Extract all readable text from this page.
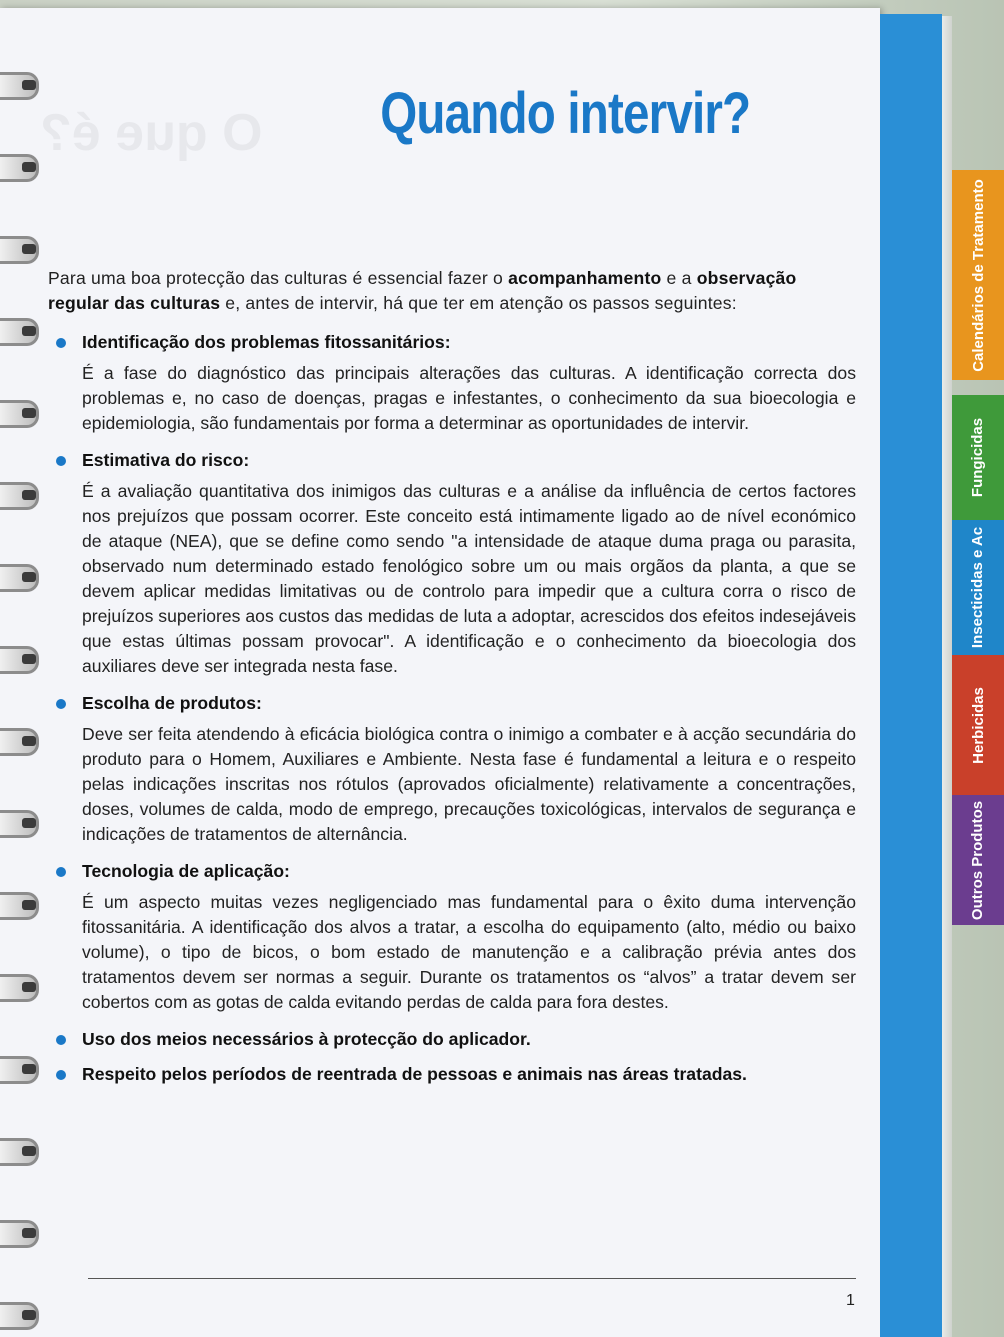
O que é? Quando intervir?

Para uma boa protecção das culturas é essencial fazer o acompanhamento e a observação regular das culturas e, antes de intervir, há que ter em atenção os passos seguintes:

Identificação dos problemas fitossanitários:

É a fase do diagnóstico das principais alterações das culturas. A identificação correcta dos problemas e, no caso de doenças, pragas e infestantes, o conhecimento da sua bioecologia e epidemiologia, são fundamentais por forma a determinar as oportunidades de intervir.

Estimativa do risco:

É a avaliação quantitativa dos inimigos das culturas e a análise da influência de certos factores nos prejuízos que possam ocorrer. Este conceito está intimamente ligado ao de nível económico de ataque (NEA), que se define como sendo "a intensidade de ataque duma praga ou parasita, observado num determinado estado fenológico sobre um ou mais orgãos da planta, a que se devem aplicar medidas limitativas ou de controlo para impedir que a cultura corra o risco de prejuízos superiores aos custos das medidas de luta a adoptar, acrescidos dos efeitos indesejáveis que estas últimas possam provocar". A identificação e o conhecimento da bioecologia dos auxiliares deve ser integrada nesta fase.

Escolha de produtos:

Deve ser feita atendendo à eficácia biológica contra o inimigo a combater e à acção secundária do produto para o Homem, Auxiliares e Ambiente. Nesta fase é fundamental a leitura e o respeito pelas indicações inscritas nos rótulos (aprovados oficialmente) relativamente a concentrações, doses, volumes de calda, modo de emprego, precauções toxicológicas, intervalos de segurança e indicações de tratamentos de alternância.

Tecnologia de aplicação:

É um aspecto muitas vezes negligenciado mas fundamental para o êxito duma intervenção fitossanitária. A identificação dos alvos a tratar, a escolha do equipamento (alto, médio ou baixo volume), o tipo de bicos, o bom estado de manutenção e a calibração prévia antes dos tratamentos devem ser normas a seguir. Durante os tratamentos os “alvos” a tratar devem ser cobertos com as gotas de calda evitando perdas de calda para fora destes.

Uso dos meios necessários à protecção do aplicador.
Respeito pelos períodos de reentrada de pessoas e animais nas áreas tratadas.
1
Calendários de Tratamento
Fungicidas
Insecticidas e Ac
Herbicidas
Outros Produtos
